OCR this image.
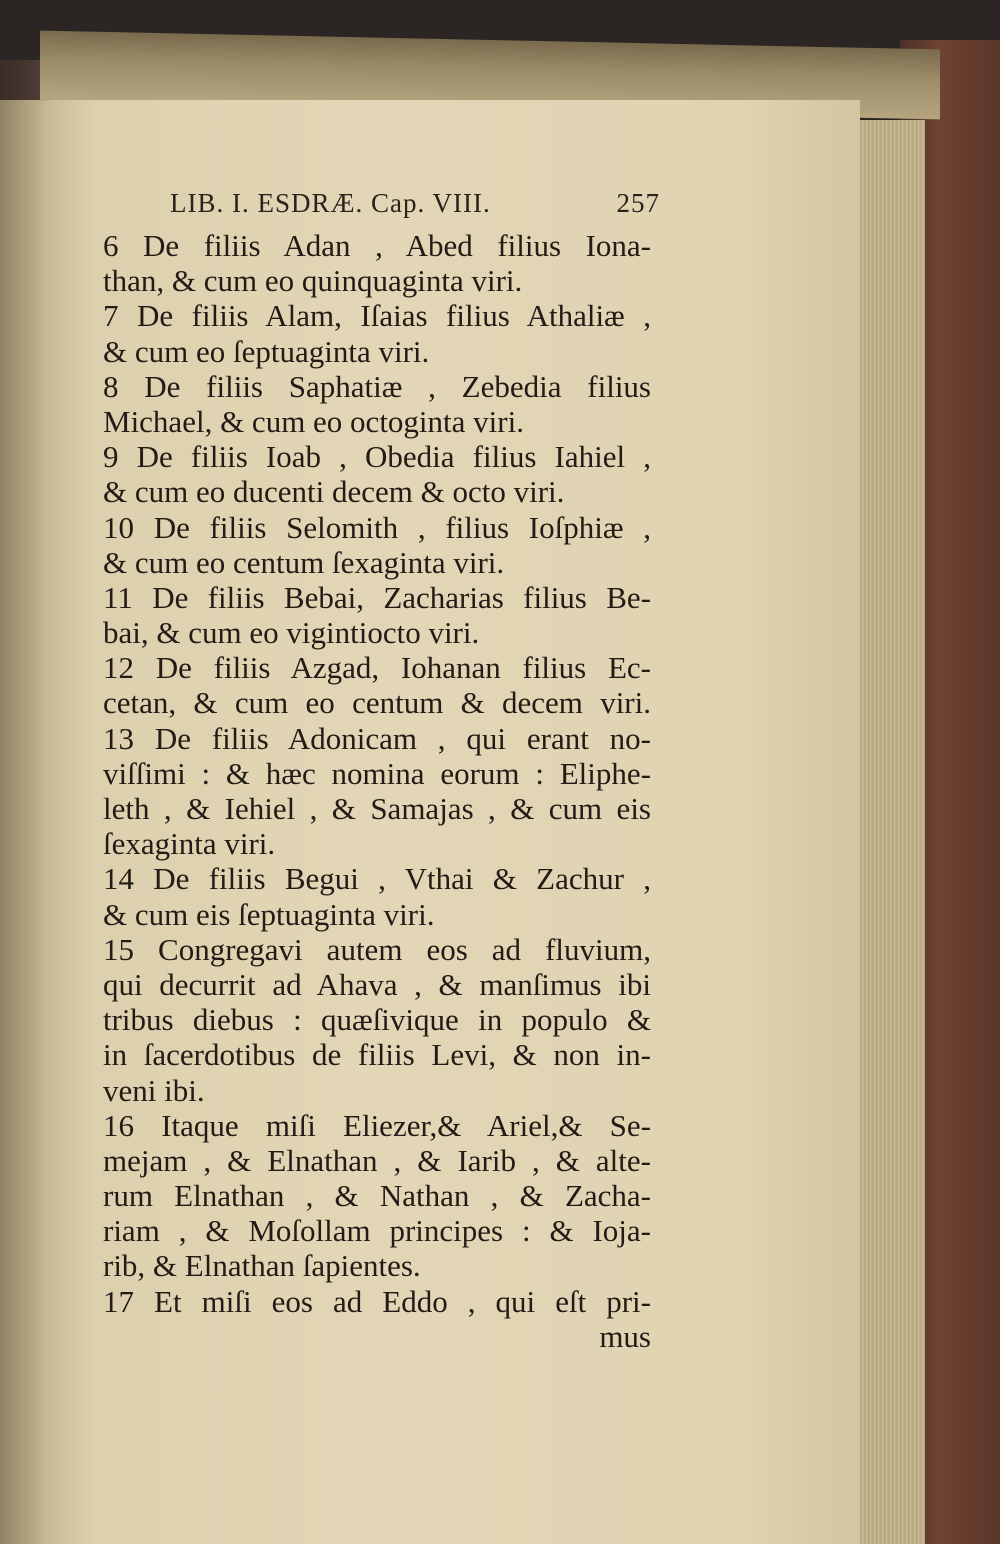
LIB. I. ESDRÆ. Cap. VIII.	257
6 De filiis Adan , Abed filius Iona-
than, & cum eo quinquaginta viri.
7 De filiis Alam, Iſaias filius Athaliæ ,
& cum eo ſeptuaginta viri.
8 De filiis Saphatiæ , Zebedia filius
Michael, & cum eo octoginta viri.
9 De filiis Ioab , Obedia filius Iahiel ,
& cum eo ducenti decem & octo viri.
10 De filiis Selomith , filius Ioſphiæ ,
& cum eo centum ſexaginta viri.
11 De filiis Bebai, Zacharias filius Be-
bai, & cum eo vigintiocto viri.
12 De filiis Azgad, Iohanan filius Ec-
cetan, & cum eo centum & decem viri.
13 De filiis Adonicam , qui erant no-
viſſimi : & hæc nomina eorum : Eliphe-
leth , & Iehiel , & Samajas , & cum eis
ſexaginta viri.
14 De filiis Begui , Vthai & Zachur ,
& cum eis ſeptuaginta viri.
15 Congregavi autem eos ad fluvium,
qui decurrit ad Ahava , & manſimus ibi
tribus diebus : quæſivique in populo &
in ſacerdotibus de filiis Levi, & non in-
veni ibi.
16 Itaque miſi Eliezer,& Ariel,& Se-
mejam , & Elnathan , & Iarib , & alte-
rum Elnathan , & Nathan , & Zacha-
riam , & Moſollam principes : & Ioja-
rib, & Elnathan ſapientes.
17 Et miſi eos ad Eddo , qui eſt pri-
mus
